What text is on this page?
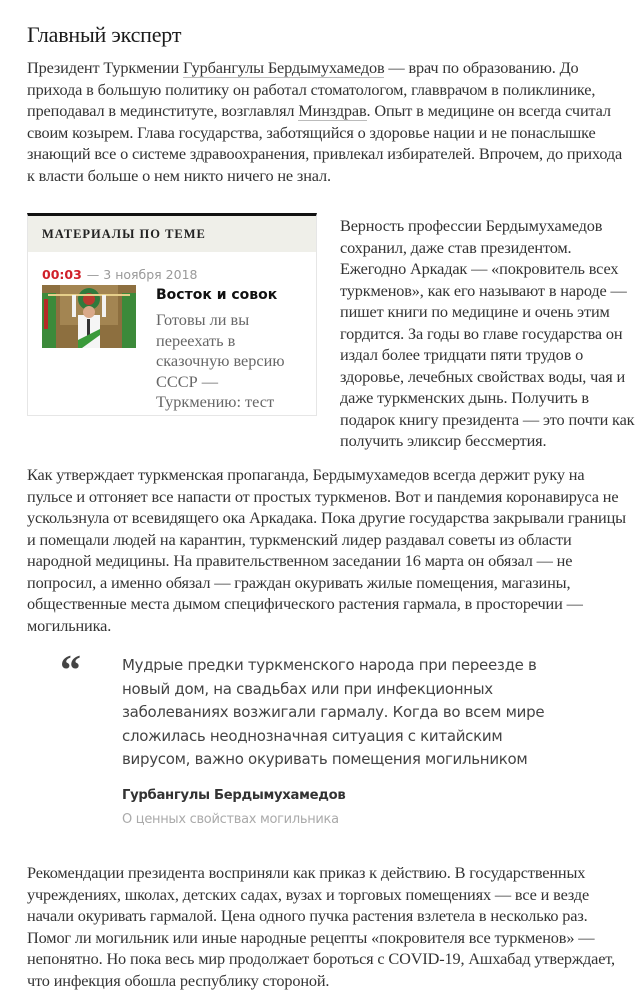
Главный эксперт

Президент Туркмении Гурбангулы Бердымухамедов — врач по образованию. До прихода в большую политику он работал стоматологом, главврачом в поликлинике, преподавал в мединституте, возглавлял Минздрав. Опыт в медицине он всегда считал своим козырем. Глава государства, заботящийся о здоровье нации и не понаслышке знающий все о системе здравоохранения, привлекал избирателей. Впрочем, до прихода к власти больше о нем никто ничего не знал.

МАТЕРИАЛЫ ПО ТЕМЕ
00:03 — 3 ноября 2018
Восток и совок
Готовы ли вы переехать в сказочную версию СССР — Туркмению: тест

Верность профессии Бердымухамедов сохранил, даже став президентом. Ежегодно Аркадак — «покровитель всех туркменов», как его называют в народе — пишет книги по медицине и очень этим гордится. За годы во главе государства он издал более тридцати пяти трудов о здоровье, лечебных свойствах воды, чая и даже туркменских дынь. Получить в подарок книгу президента — это почти как получить эликсир бессмертия.

Как утверждает туркменская пропаганда, Бердымухамедов всегда держит руку на пульсе и отгоняет все напасти от простых туркменов. Вот и пандемия коронавируса не ускользнула от всевидящего ока Аркадака. Пока другие государства закрывали границы и помещали людей на карантин, туркменский лидер раздавал советы из области народной медицины. На правительственном заседании 16 марта он обязал — не попросил, а именно обязал — граждан окуривать жилые помещения, магазины, общественные места дымом специфического растения гармала, в просторечии — могильника.

“	Мудрые предки туркменского народа при переезде в новый дом, на свадьбах или при инфекционных заболеваниях возжигали гармалу. Когда во всем мире сложилась неоднозначная ситуация с китайским вирусом, важно окуривать помещения могильником

Гурбангулы Бердымухамедов
О ценных свойствах могильника

Рекомендации президента восприняли как приказ к действию. В государственных учреждениях, школах, детских садах, вузах и торговых помещениях — все и везде начали окуривать гармалой. Цена одного пучка растения взлетела в несколько раз. Помог ли могильник или иные народные рецепты «покровителя все туркменов» — непонятно. Но пока весь мир продолжает бороться с COVID-19, Ашхабад утверждает, что инфекция обошла республику стороной.
